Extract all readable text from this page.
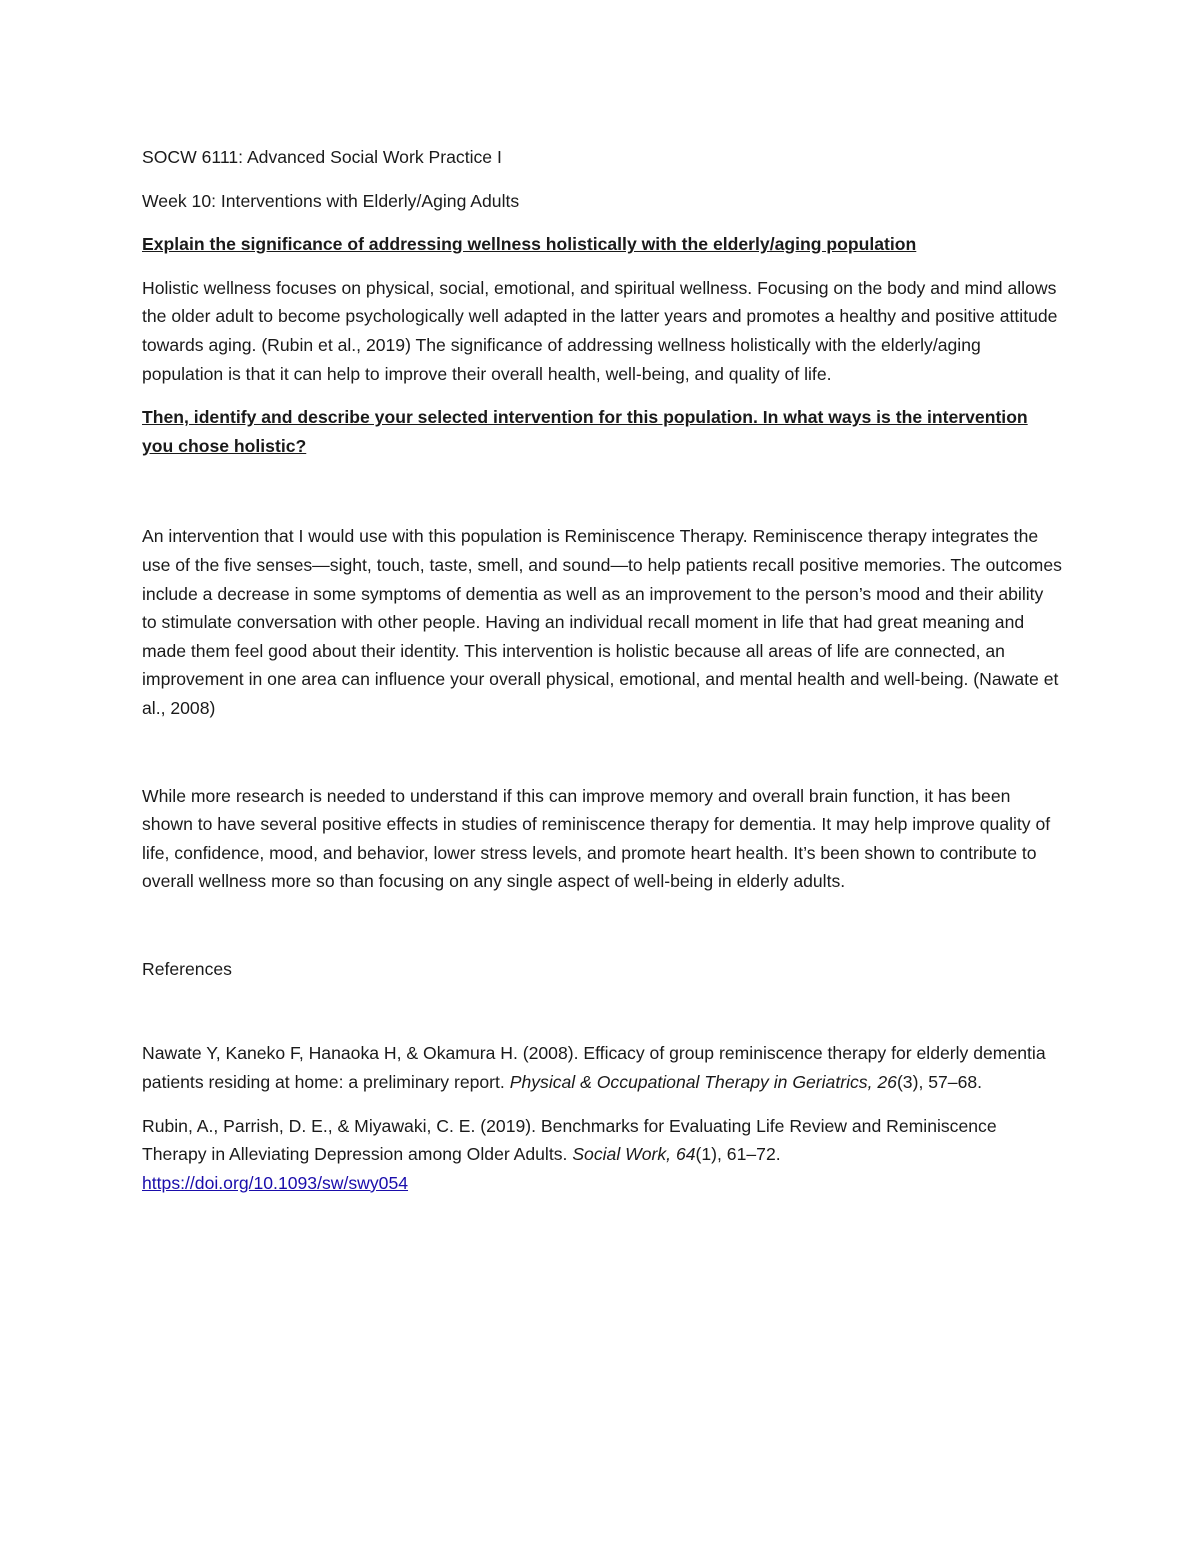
SOCW 6111: Advanced Social Work Practice I

Week 10: Interventions with Elderly/Aging Adults

Explain the significance of addressing wellness holistically with the elderly/aging population

Holistic wellness focuses on physical, social, emotional, and spiritual wellness. Focusing on the body and mind allows the older adult to become psychologically well adapted in the latter years and promotes a healthy and positive attitude towards aging. (Rubin et al., 2019) The significance of addressing wellness holistically with the elderly/aging population is that it can help to improve their overall health, well-being, and quality of life.

Then, identify and describe your selected intervention for this population. In what ways is the intervention you chose holistic?

An intervention that I would use with this population is Reminiscence Therapy. Reminiscence therapy integrates the use of the five senses—sight, touch, taste, smell, and sound—to help patients recall positive memories. The outcomes include a decrease in some symptoms of dementia as well as an improvement to the person’s mood and their ability to stimulate conversation with other people. Having an individual recall moment in life that had great meaning and made them feel good about their identity. This intervention is holistic because all areas of life are connected, an improvement in one area can influence your overall physical, emotional, and mental health and well-being. (Nawate et al., 2008)

While more research is needed to understand if this can improve memory and overall brain function, it has been shown to have several positive effects in studies of reminiscence therapy for dementia. It may help improve quality of life, confidence, mood, and behavior, lower stress levels, and promote heart health. It’s been shown to contribute to overall wellness more so than focusing on any single aspect of well-being in elderly adults.

References

Nawate Y, Kaneko F, Hanaoka H, & Okamura H. (2008). Efficacy of group reminiscence therapy for elderly dementia patients residing at home: a preliminary report. Physical & Occupational Therapy in Geriatrics, 26(3), 57–68.

Rubin, A., Parrish, D. E., & Miyawaki, C. E. (2019). Benchmarks for Evaluating Life Review and Reminiscence Therapy in Alleviating Depression among Older Adults. Social Work, 64(1), 61–72.
https://doi.org/10.1093/sw/swy054
